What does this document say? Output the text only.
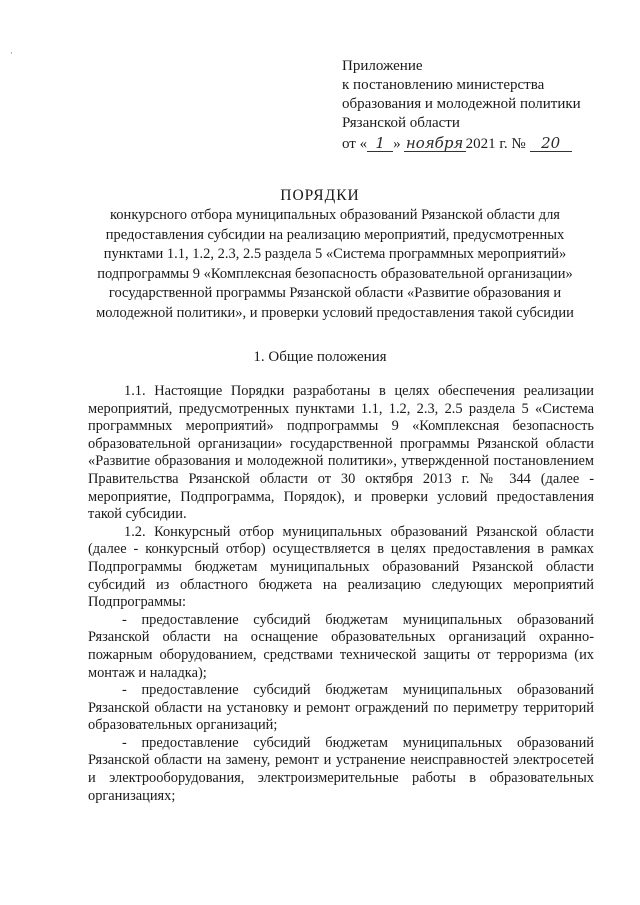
·
Приложение
к постановлению министерства
образования и молодежной политики
Рязанской области
от « 1 » ноября 2021 г. № 20
ПОРЯДКИ
конкурсного отбора муниципальных образований Рязанской области для предоставления субсидии на реализацию мероприятий, предусмотренных пунктами 1.1, 1.2, 2.3, 2.5 раздела 5 «Система программных мероприятий» подпрограммы 9 «Комплексная безопасность образовательной организации» государственной программы Рязанской области «Развитие образования и молодежной политики», и проверки условий предоставления такой субсидии
1. Общие положения

1.1. Настоящие Порядки разработаны в целях обеспечения реализации мероприятий, предусмотренных пунктами 1.1, 1.2, 2.3, 2.5 раздела 5 «Система программных мероприятий» подпрограммы 9 «Комплексная безопасность образовательной организации» государственной программы Рязанской области «Развитие образования и молодежной политики», утвержденной постановлением Правительства Рязанской области от 30 октября 2013 г. № 344 (далее - мероприятие, Подпрограмма, Порядок), и проверки условий предоставления такой субсидии.

1.2. Конкурсный отбор муниципальных образований Рязанской области (далее - конкурсный отбор) осуществляется в целях предоставления в рамках Подпрограммы бюджетам муниципальных образований Рязанской области субсидий из областного бюджета на реализацию следующих мероприятий Подпрограммы:

- предоставление субсидий бюджетам муниципальных образований Рязанской области на оснащение образовательных организаций охранно-пожарным оборудованием, средствами технической защиты от терроризма (их монтаж и наладка);

- предоставление субсидий бюджетам муниципальных образований Рязанской области на установку и ремонт ограждений по периметру территорий образовательных организаций;

- предоставление субсидий бюджетам муниципальных образований Рязанской области на замену, ремонт и устранение неисправностей электросетей и электрооборудования, электроизмерительные работы в образовательных организациях;
